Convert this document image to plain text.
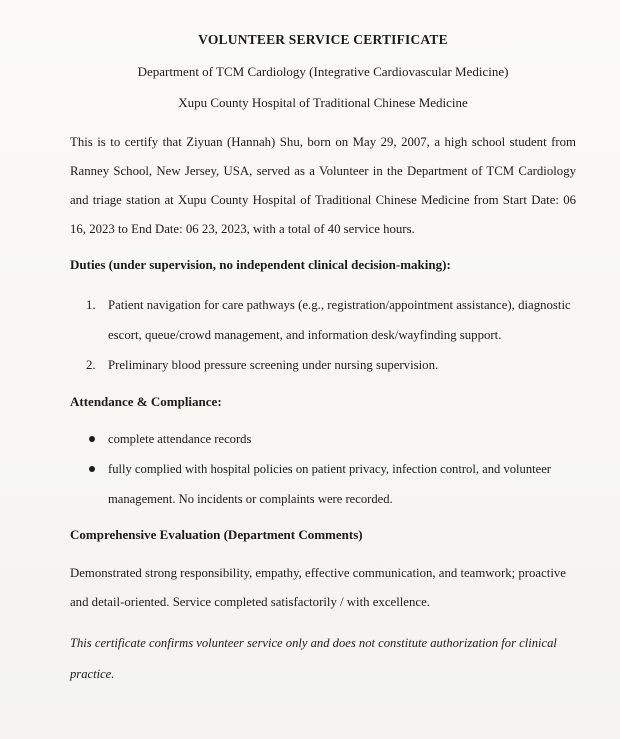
VOLUNTEER SERVICE CERTIFICATE

Department of TCM Cardiology (Integrative Cardiovascular Medicine)

Xupu County Hospital of Traditional Chinese Medicine

This is to certify that Ziyuan (Hannah) Shu, born on May 29, 2007, a high school student from Ranney School, New Jersey, USA, served as a Volunteer in the Department of TCM Cardiology and triage station at Xupu County Hospital of Traditional Chinese Medicine from Start Date: 06 16, 2023 to End Date: 06 23, 2023, with a total of 40 service hours.

Duties (under supervision, no independent clinical decision-making):

1. Patient navigation for care pathways (e.g., registration/appointment assistance), diagnostic escort, queue/crowd management, and information desk/wayfinding support.
2. Preliminary blood pressure screening under nursing supervision.

Attendance & Compliance:

complete attendance records
fully complied with hospital policies on patient privacy, infection control, and volunteer management. No incidents or complaints were recorded.

Comprehensive Evaluation (Department Comments)

Demonstrated strong responsibility, empathy, effective communication, and teamwork; proactive and detail-oriented. Service completed satisfactorily / with excellence.

This certificate confirms volunteer service only and does not constitute authorization for clinical practice.
